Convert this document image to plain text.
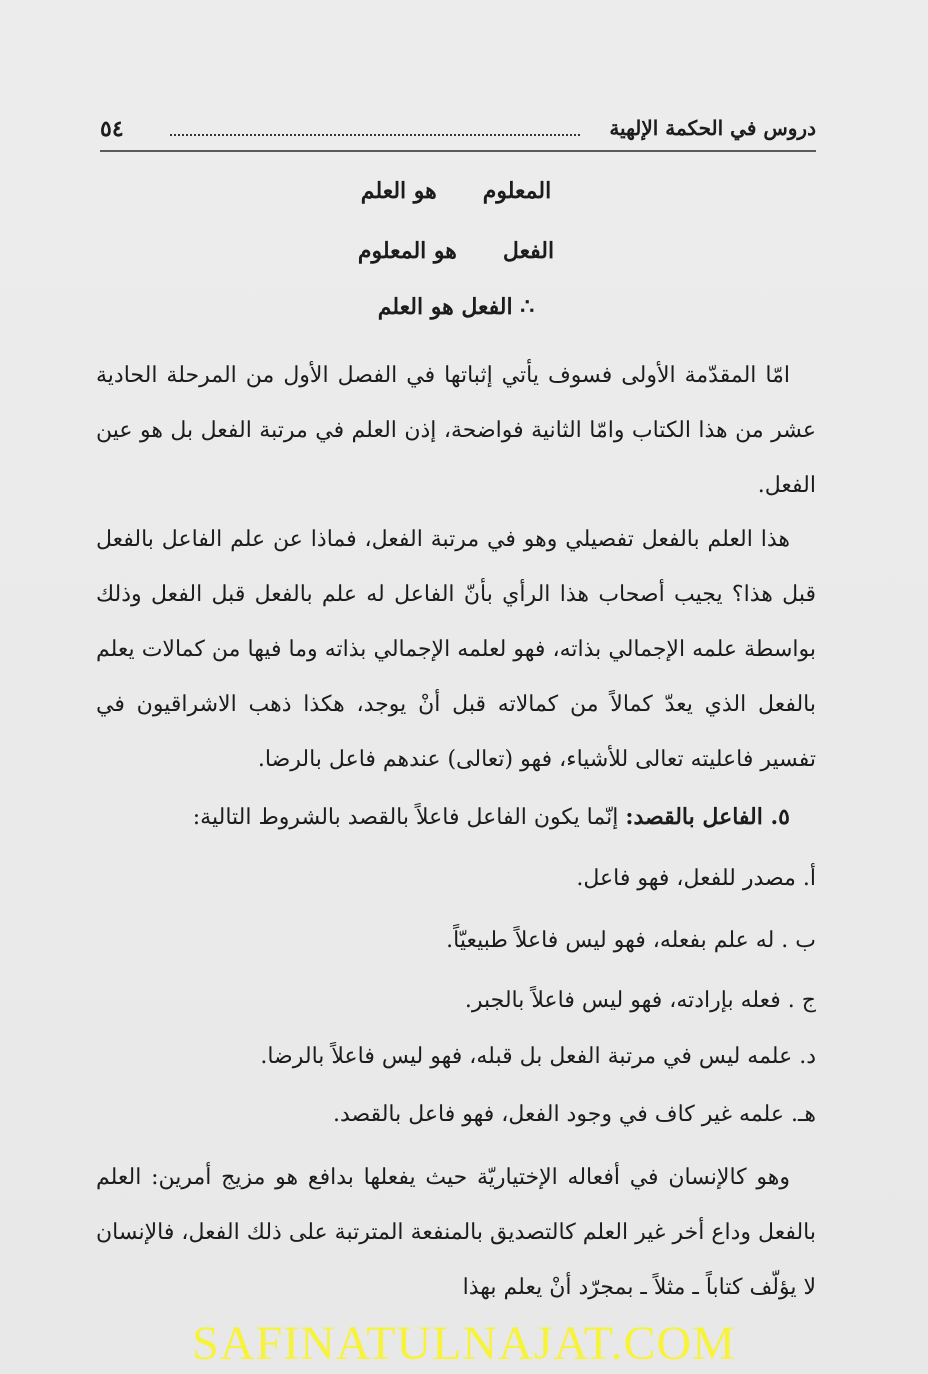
دروس في الحكمة الإلهية
٥٤
المعلومهو العلم
الفعلهو المعلوم
∴ الفعل هو العلم
امّا المقدّمة الأولى فسوف يأتي إثباتها في الفصل الأول من المرحلة الحادية عشر من هذا الكتاب وامّا الثانية فواضحة، إذن العلم في مرتبة الفعل بل هو عين الفعل.
هذا العلم بالفعل تفصيلي وهو في مرتبة الفعل، فماذا عن علم الفاعل بالفعل قبل هذا؟ يجيب أصحاب هذا الرأي بأنّ الفاعل له علم بالفعل قبل الفعل وذلك بواسطة علمه الإجمالي بذاته، فهو لعلمه الإجمالي بذاته وما فيها من كمالات يعلم بالفعل الذي يعدّ كمالاً من كمالاته قبل أنْ يوجد، هكذا ذهب الاشراقيون في تفسير فاعليته تعالى للأشياء، فهو (تعالى) عندهم فاعل بالرضا.
٥. الفاعل بالقصد: إنّما يكون الفاعل فاعلاً بالقصد بالشروط التالية:
أ. مصدر للفعل، فهو فاعل.
ب . له علم بفعله، فهو ليس فاعلاً طبيعيّاً.
ج . فعله بإرادته، فهو ليس فاعلاً بالجبر.
د. علمه ليس في مرتبة الفعل بل قبله، فهو ليس فاعلاً بالرضا.
هـ. علمه غير كاف في وجود الفعل، فهو فاعل بالقصد.
وهو كالإنسان في أفعاله الإختياريّة حيث يفعلها بدافع هو مزيج أمرين: العلم بالفعل وداع أخر غير العلم كالتصديق بالمنفعة المترتبة على ذلك الفعل، فالإنسان لا يؤلّف كتاباً ـ مثلاً ـ بمجرّد أنْ يعلم بهذا
SAFINATULNAJAT.COM
